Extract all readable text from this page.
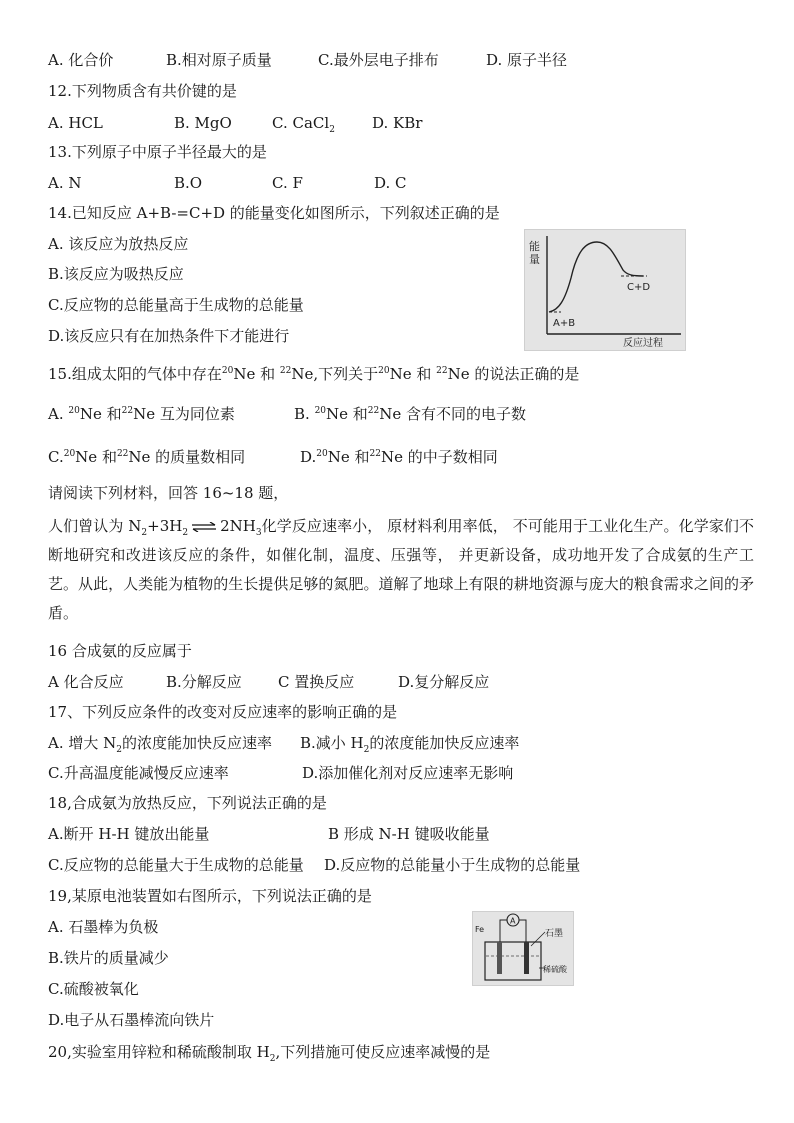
A. 化合价	B.相对原子质量	C.最外层电子排布	D. 原子半径
12.下列物质含有共价键的是
A. HCL	B. MgO	C. CaCl$_2$ D. KBr
13.下列原子中原子半径最大的是
A. N	B.O	C. F	D. C
14.已知反应 A+B-=C+D 的能量变化如图所示，下列叙述正确的是
A. 该反应为放热反应
B.该反应为吸热反应
C.反应物的总能量高于生成物的总能量
D.该反应只有在加热条件下才能进行
能
量
A+B
C+D
反应过程
15.组成太阳的气体中存在$^{20}$Ne 和 $^{22}$Ne,下列关于$^{20}$Ne 和 $^{22}$Ne 的说法正确的是
A. $^{20}$Ne 和$^{22}$Ne 互为同位素	B. $^{20}$Ne 和$^{22}$Ne 含有不同的电子数
C.$^{20}$Ne 和$^{22}$Ne 的质量数相同	D.$^{20}$Ne 和$^{22}$Ne 的中子数相同
请阅读下列材料，回答 16~18 题，
人们曾认为 $N_2+3H_2$ ⇌ $2NH_3$化学反应速率小， 原材料利用率低， 不可能用于工业化生产。化学家们不断地研究和改进该反应的条件，如催化制，温度、压强等， 并更新设备，成功地开发了合成氨的生产工艺。从此，人类能为植物的生长提供足够的氮肥。道解了地球上有限的耕地资源与庞大的粮食需求之间的矛盾。
16 合成氨的反应属于
A 化合反应	B.分解反应 C 置换反应	D.复分解反应
17、下列反应条件的改变对反应速率的影响正确的是
A. 增大 $N_2$的浓度能加快反应速率 B.减小 $H_2$的浓度能加快反应速率
C.升高温度能减慢反应速率	D.添加催化剂对反应速率无影响
18,合成氨为放热反应，下列说法正确的是
A.断开 H-H 键放出能量	B 形成 N-H 键吸收能量
C.反应物的总能量大于生成物的总能量 D.反应物的总能量小于生成物的总能量
19,某原电池装置如右图所示，下列说法正确的是
A. 石墨棒为负极
B.铁片的质量减少
C.硫酸被氧化
D.电子从石墨棒流向铁片
A
Fe	石墨
稀硫酸
20,实验室用锌粒和稀硫酸制取 $H_2$,下列措施可使反应速率减慢的是
